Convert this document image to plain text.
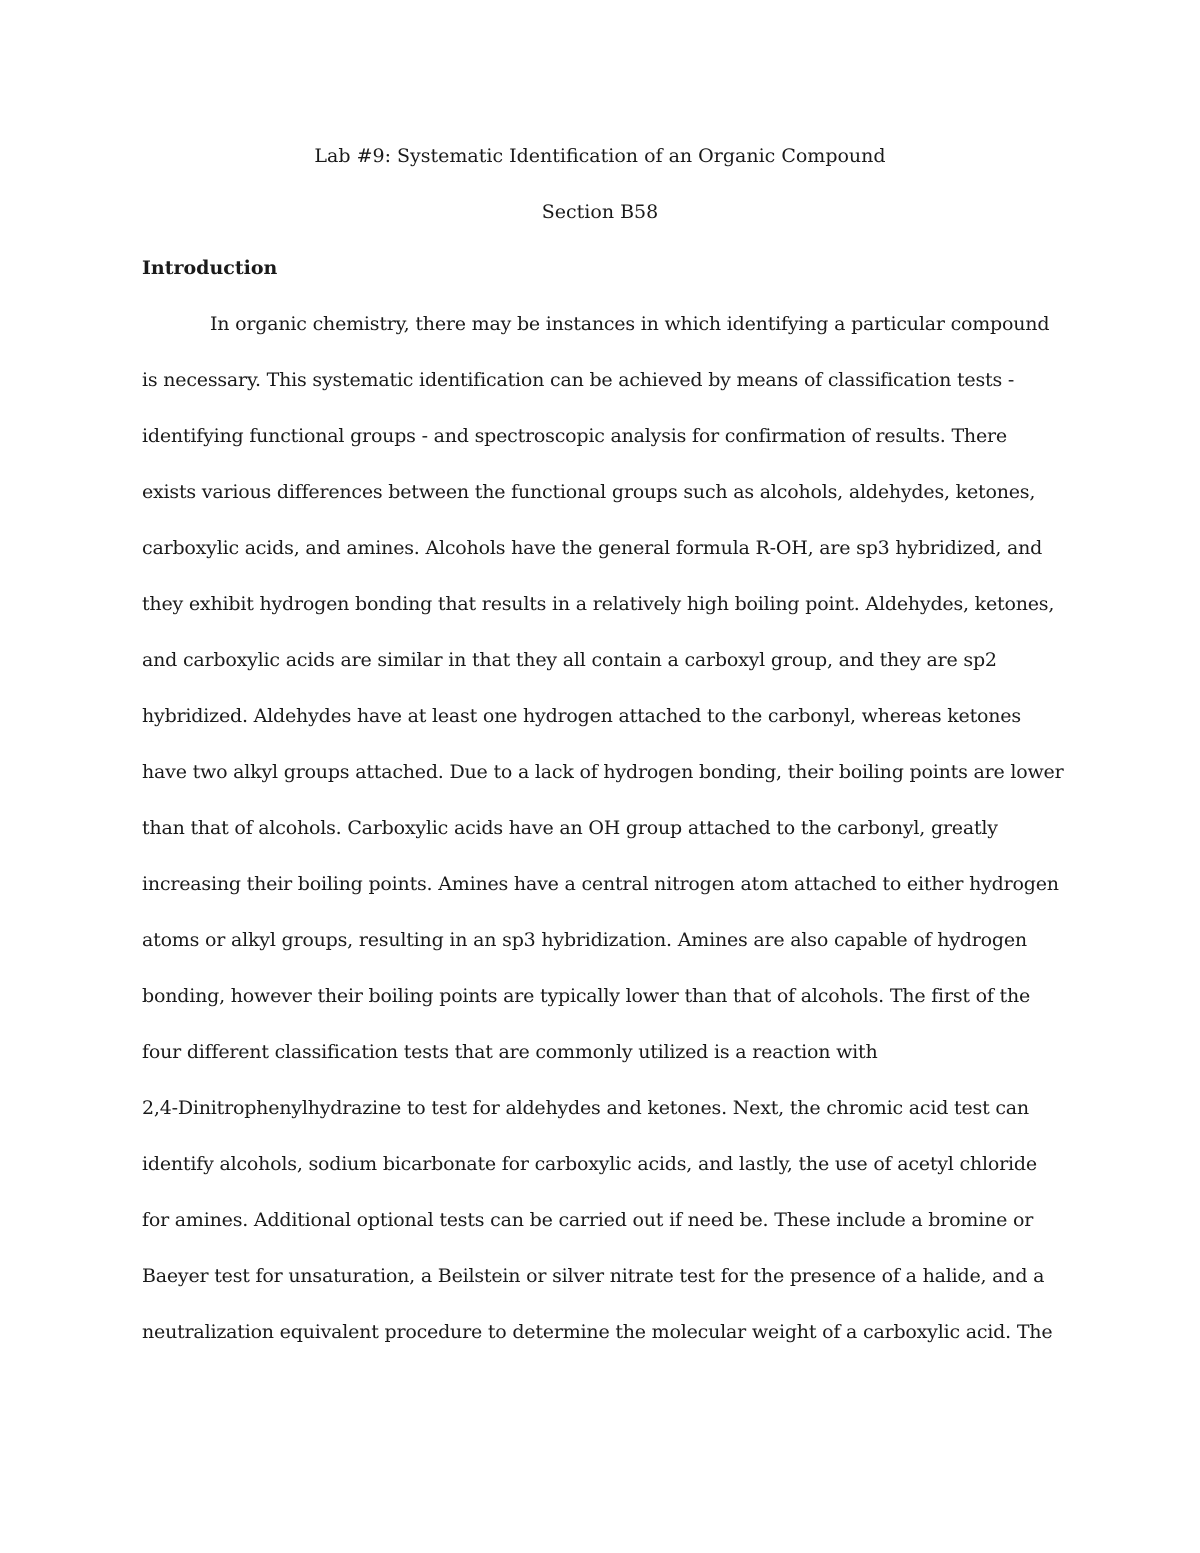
Lab #9: Systematic Identification of an Organic Compound
Section B58
Introduction
In organic chemistry, there may be instances in which identifying a particular compound
is necessary. This systematic identification can be achieved by means of classification tests -
identifying functional groups - and spectroscopic analysis for confirmation of results. There
exists various differences between the functional groups such as alcohols, aldehydes, ketones,
carboxylic acids, and amines. Alcohols have the general formula R-OH, are sp3 hybridized, and
they exhibit hydrogen bonding that results in a relatively high boiling point. Aldehydes, ketones,
and carboxylic acids are similar in that they all contain a carboxyl group, and they are sp2
hybridized. Aldehydes have at least one hydrogen attached to the carbonyl, whereas ketones
have two alkyl groups attached. Due to a lack of hydrogen bonding, their boiling points are lower
than that of alcohols. Carboxylic acids have an OH group attached to the carbonyl, greatly
increasing their boiling points. Amines have a central nitrogen atom attached to either hydrogen
atoms or alkyl groups, resulting in an sp3 hybridization. Amines are also capable of hydrogen
bonding, however their boiling points are typically lower than that of alcohols. The first of the
four different classification tests that are commonly utilized is a reaction with
2,4-Dinitrophenylhydrazine to test for aldehydes and ketones. Next, the chromic acid test can
identify alcohols, sodium bicarbonate for carboxylic acids, and lastly, the use of acetyl chloride
for amines. Additional optional tests can be carried out if need be. These include a bromine or
Baeyer test for unsaturation, a Beilstein or silver nitrate test for the presence of a halide, and a
neutralization equivalent procedure to determine the molecular weight of a carboxylic acid. The
